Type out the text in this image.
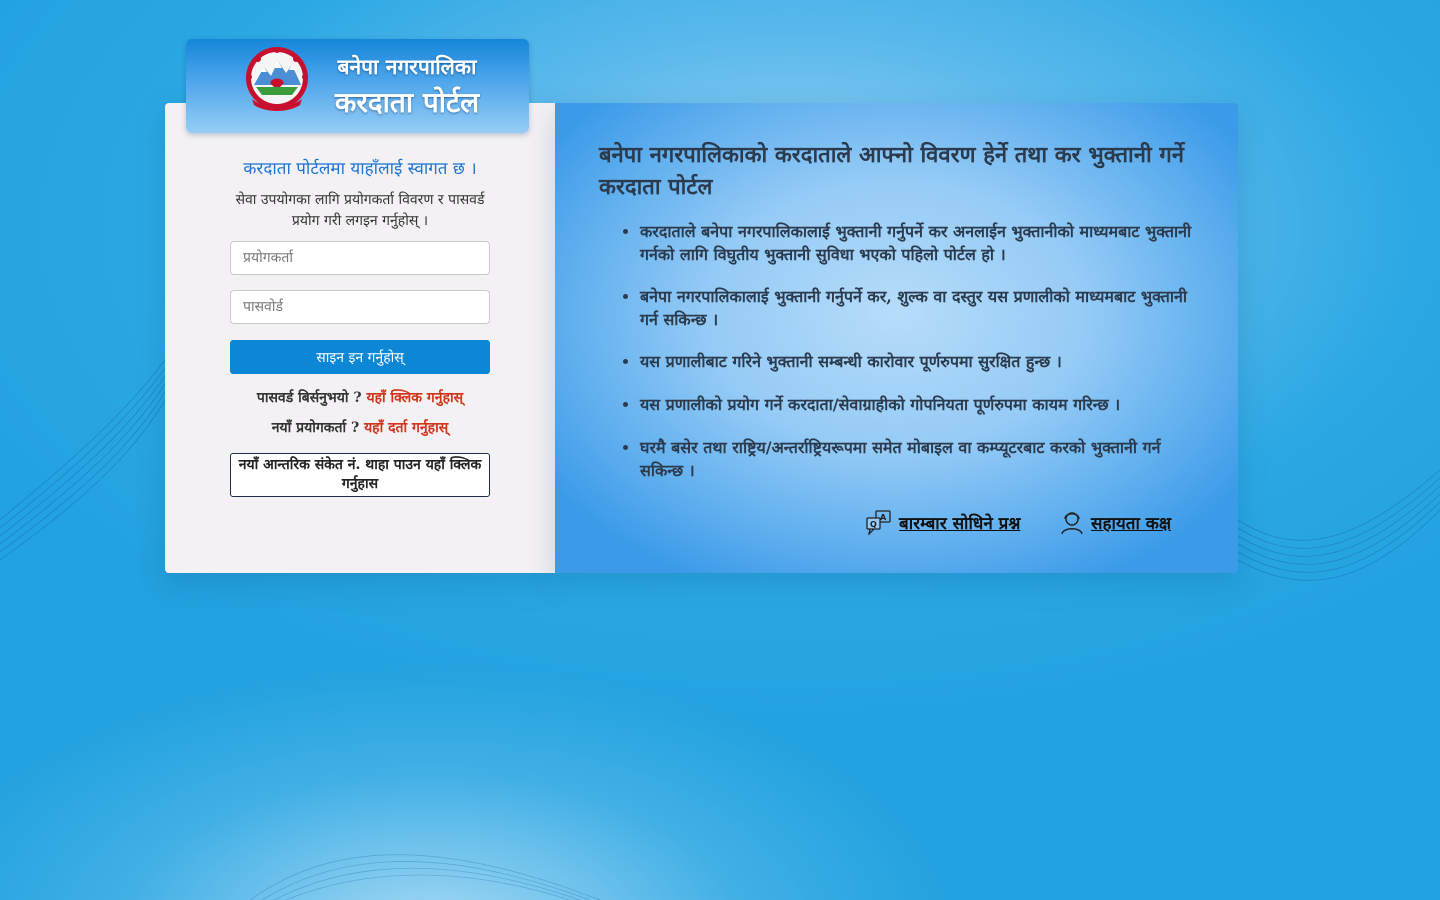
करदाता पोर्टलमा याहाँलाई स्वागत छ ।
सेवा उपयोगका लागि प्रयोगकर्ता विवरण र पासवर्ड प्रयोग गरी लगइन गर्नुहोस् ।
प्रयोगकर्ता
साइन इन गर्नुहोस्
पासवर्ड बिर्सनुभयो ? यहाँ क्लिक गर्नुहास्
नयाँ प्रयोगकर्ता ? यहाँ दर्ता गर्नुहास्
नयाँ आन्तरिक संकेत नं. थाहा पाउन यहाँ क्लिक गर्नुहास
बनेपा नगरपालिका
करदाता पोर्टल
बनेपा नगरपालिकाको करदाताले आफ्नो विवरण हेर्ने तथा कर भुक्तानी गर्ने करदाता पोर्टल
• करदाताले बनेपा नगरपालिकालाई भुक्तानी गर्नुपर्ने कर अनलाईन भुक्तानीको माध्यमबाट भुक्तानी गर्नको लागि विघुतीय भुक्तानी सुविधा भएको पहिलो पोर्टल हो ।
• बनेपा नगरपालिकालाई भुक्तानी गर्नुपर्ने कर, शुल्क वा दस्तुर यस प्रणालीको माध्यमबाट भुक्तानी गर्न सकिन्छ ।
• यस प्रणालीबाट गरिने भुक्तानी सम्बन्धी कारोवार पूर्णरुपमा सुरक्षित हुन्छ ।
• यस प्रणालीको प्रयोग गर्ने करदाता/सेवाग्राहीको गोपनियता पूर्णरुपमा कायम गरिन्छ ।
• घरमै बसेर तथा राष्ट्रिय/अन्तर्राष्ट्रियरूपमा समेत मोबाइल वा कम्प्यूटरबाट करको भुक्तानी गर्न सकिन्छ ।
A
Q बारम्बार सोधिने प्रश्न	सहायता कक्ष
